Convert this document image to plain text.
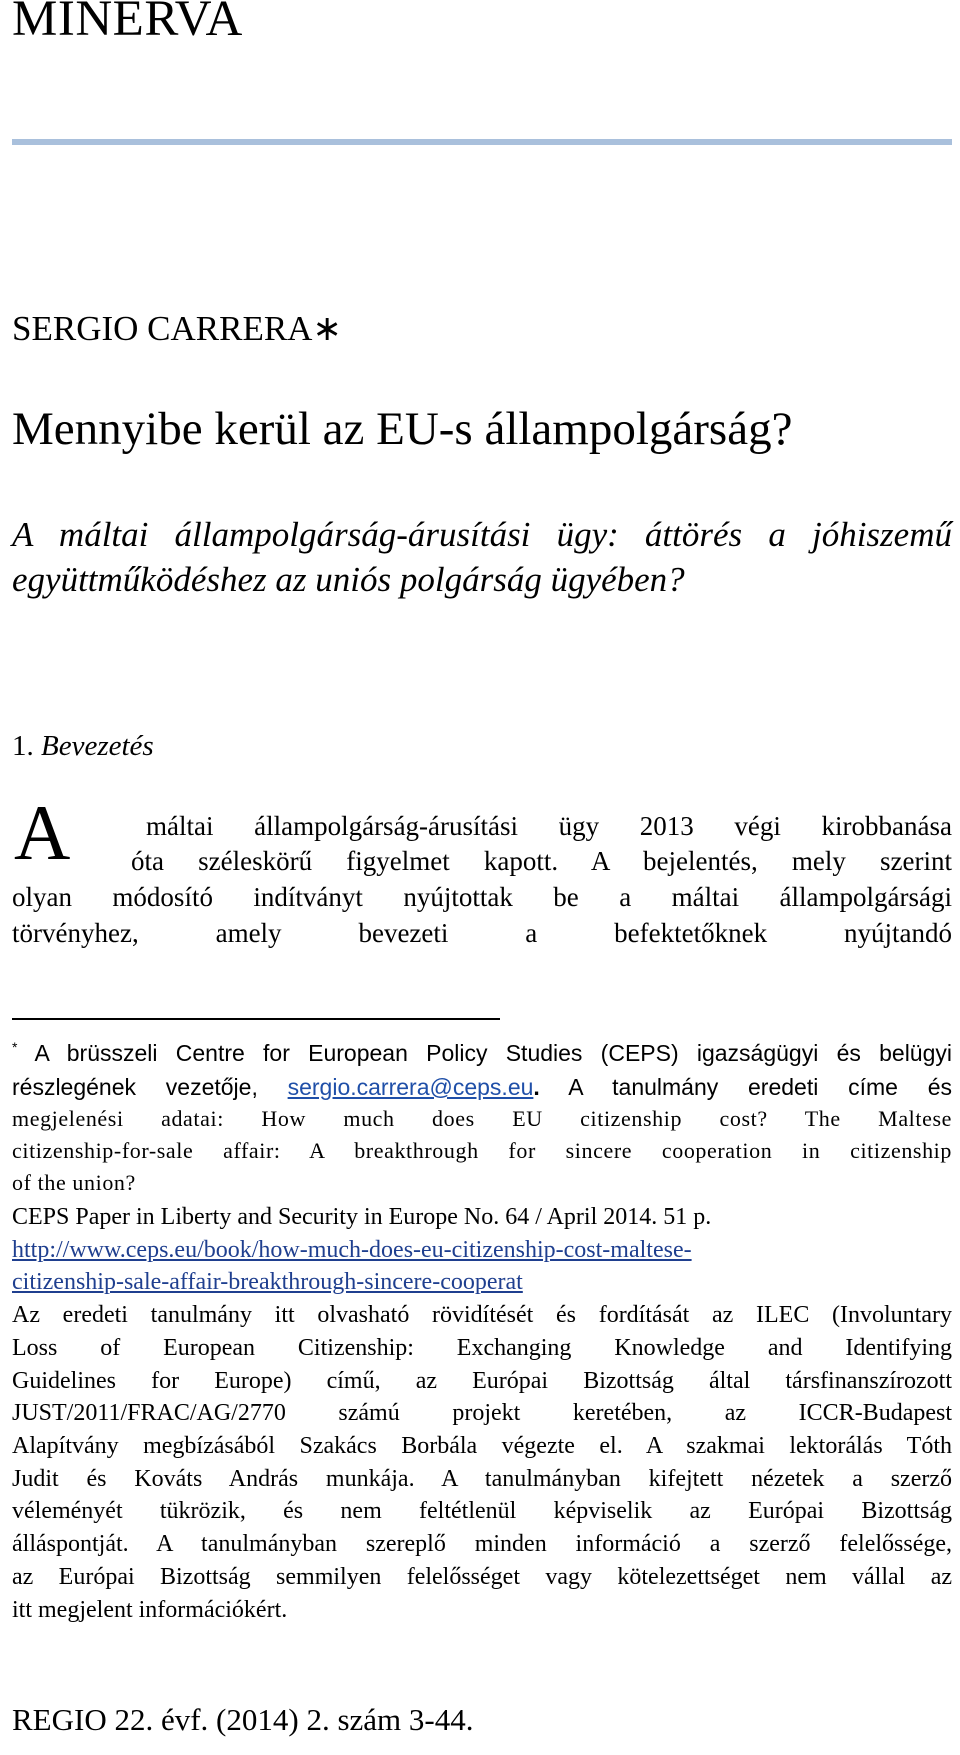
MINERVA
SERGIO CARRERA∗
Mennyibe kerül az EU-s állampolgárság?
A máltai állampolgárság-árusítási ügy: áttörés a jóhiszemű együttműködéshez az uniós polgárság ügyében?
1. Bevezetés
A	máltai állampolgárság-árusítási ügy 2013 végi kirobbanása
óta széleskörű figyelmet kapott. A bejelentés, mely szerint
olyan módosító indítványt nyújtottak be a máltai állampolgársági
törvényhez, amely bevezeti a befektetőknek nyújtandó
* A brüsszeli Centre for European Policy Studies (CEPS) igazságügyi és belügyi
részlegének vezetője, sergio.carrera@ceps.eu. A tanulmány eredeti címe és
megjelenési adatai: How much does EU citizenship cost? The Maltese
citizenship-for-sale affair: A breakthrough for sincere cooperation in citizenship
of the union?
CEPS Paper in Liberty and Security in Europe No. 64 / April 2014. 51 p.
http://www.ceps.eu/book/how-much-does-eu-citizenship-cost-maltese-
citizenship-sale-affair-breakthrough-sincere-cooperat
Az eredeti tanulmány itt olvasható rövidítését és fordítását az ILEC (Involuntary
Loss of European Citizenship: Exchanging Knowledge and Identifying
Guidelines for Europe) című, az Európai Bizottság által társfinanszírozott
JUST/2011/FRAC/AG/2770 számú projekt keretében, az ICCR-Budapest
Alapítvány megbízásából Szakács Borbála végezte el. A szakmai lektorálás Tóth
Judit és Kováts András munkája. A tanulmányban kifejtett nézetek a szerző
véleményét tükrözik, és nem feltétlenül képviselik az Európai Bizottság
álláspontját. A tanulmányban szereplő minden információ a szerző felelőssége,
az Európai Bizottság semmilyen felelősséget vagy kötelezettséget nem vállal az
itt megjelent információkért.
REGIO 22. évf. (2014) 2. szám 3-44.
